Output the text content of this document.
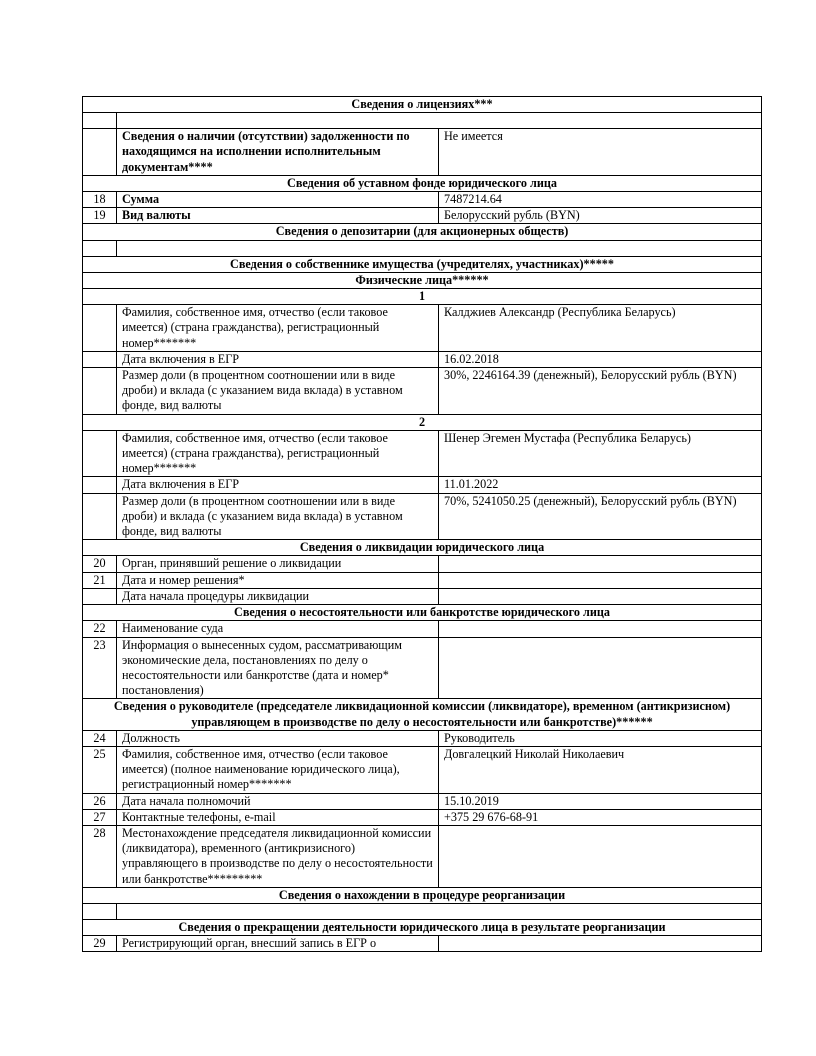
Сведения о лицензиях***		

	Сведения о наличии (отсутствии) задолженности по находящимся на исполнении исполнительным документам****	Не имеется
Сведения об уставном фонде юридического лица		
18	Сумма	7487214.64
19	Вид валюты	Белорусский рубль (BYN)
Сведения о депозитарии (для акционерных обществ)		

Сведения о собственнике имущества (учредителях, участниках)*****		
Физические лица******		
1		
	Фамилия, собственное имя, отчество (если таковое имеется) (страна гражданства), регистрационный номер*******	Калджиев Александр (Республика Беларусь)
	Дата включения в ЕГР	16.02.2018
	Размер доли (в процентном соотношении или в виде дроби) и вклада (с указанием вида вклада) в уставном фонде, вид валюты	30%, 2246164.39 (денежный), Белорусский рубль (BYN)
2		
	Фамилия, собственное имя, отчество (если таковое имеется) (страна гражданства), регистрационный номер*******	Шенер Эгемен Мустафа (Республика Беларусь)
	Дата включения в ЕГР	11.01.2022
	Размер доли (в процентном соотношении или в виде дроби) и вклада (с указанием вида вклада) в уставном фонде, вид валюты	70%, 5241050.25 (денежный), Белорусский рубль (BYN)
Сведения о ликвидации юридического лица		
20	Орган, принявший решение о ликвидации	
21	Дата и номер решения*	
	Дата начала процедуры ликвидации	
Сведения о несостоятельности или банкротстве юридического лица		
22	Наименование суда	
23	Информация о вынесенных судом, рассматривающим экономические дела, постановлениях по делу о несостоятельности или банкротстве (дата и номер* постановления)	
Сведения о руководителе (председателе ликвидационной комиссии (ликвидаторе), временном (антикризисном) управляющем в производстве по делу о несостоятельности или банкротстве)******		
24	Должность	Руководитель
25	Фамилия, собственное имя, отчество (если таковое имеется) (полное наименование юридического лица), регистрационный номер*******	Довгалецкий Николай Николаевич
26	Дата начала полномочий	15.10.2019
27	Контактные телефоны, e-mail	+375 29 676-68-91
28	Местонахождение председателя ликвидационной комиссии (ликвидатора), временного (антикризисного) управляющего в производстве по делу о несостоятельности или банкротстве*********	
Сведения о нахождении в процедуре реорганизации		

Сведения о прекращении деятельности юридического лица в результате реорганизации		
29	Регистрирующий орган, внесший запись в ЕГР о	
